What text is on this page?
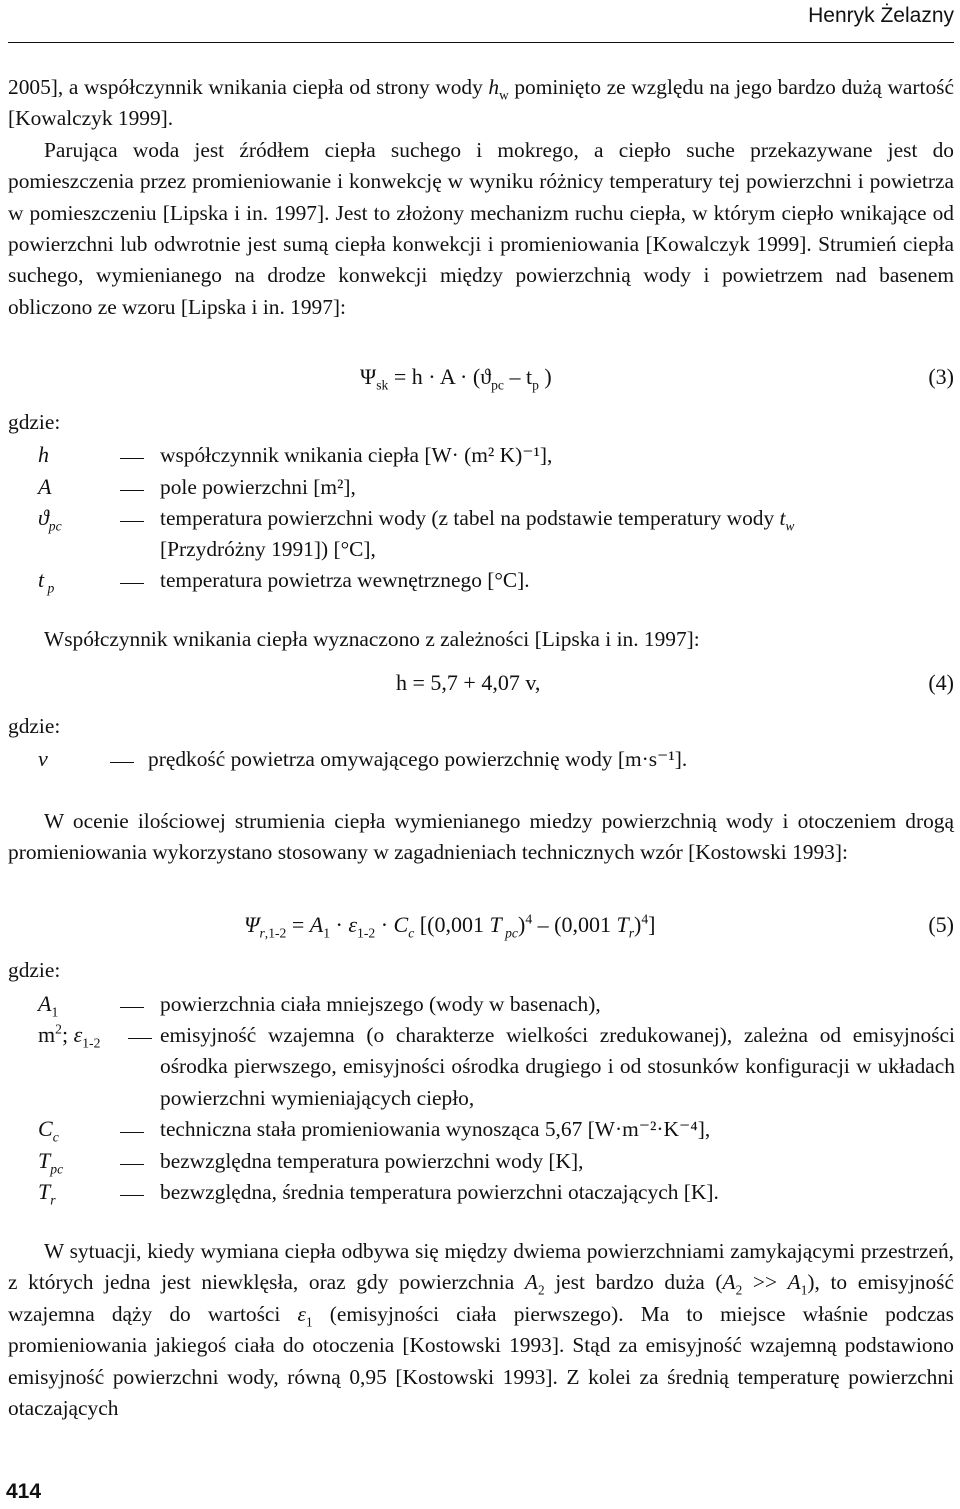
Henryk Żelazny

2005], a współczynnik wnikania ciepła od strony wody $h_w$ pominięto ze względu na jego bardzo dużą wartość [Kowalczyk 1999].

Parująca woda jest źródłem ciepła suchego i mokrego, a ciepło suche przekazywane jest do pomieszczenia przez promieniowanie i konwekcję w wyniku różnicy temperatury tej powierzchni i powietrza w pomieszczeniu [Lipska i in. 1997]. Jest to złożony mechanizm ruchu ciepła, w którym ciepło wnikające od powierzchni lub odwrotnie jest sumą ciepła konwekcji i promieniowania [Kowalczyk 1999]. Strumień ciepła suchego, wymienianego na drodze konwekcji między powierzchnią wody i powietrzem nad basenem obliczono ze wzoru [Lipska i in. 1997]:

$\Psi_{sk} = h \cdot A \cdot (ϑ_{pc} - t_p$ )	(3)
gdzie:
h	współczynnik wnikania ciepła [W· (m² K)⁻¹],
A	pole powierzchni [m²],
$ϑ_{pc}$	temperatura powierzchni wody (z tabel na podstawie temperatury wody $t_w$
[Przydróżny 1991]) [°C],
t $_p$	temperatura powietrza wewnętrznego [°C].
Współczynnik wnikania ciepła wyznaczono z zależności [Lipska i in. 1997]:
h = 5,7 + 4,07 v,	(4)
gdzie:
v	prędkość powietrza omywającego powierzchnię wody [m·s⁻¹].
W ocenie ilościowej strumienia ciepła wymienianego miedzy powierzchnią wody i otoczeniem drogą promieniowania wykorzystano stosowany w zagadnieniach technicznych wzór [Kostowski 1993]:
$\Psi_{r,1-2} = A_1 \cdot \varepsilon_{1-2} \cdot C_c$ [(0,001 T $_{pc}$)$^4$ – (0,001 $T_r)^4$]	(5)
gdzie:
$A_1$	powierzchnia ciała mniejszego (wody w basenach),
$m^2$; $\varepsilon_{1-2}$	emisyjność wzajemna (o charakterze wielkości zredukowanej), zależna od emisyjności ośrodka pierwszego, emisyjności ośrodka drugiego i od stosunków konfiguracji w układach powierzchni wymieniających ciepło,
$C_c$	techniczna stała promieniowania wynosząca 5,67 [W·m⁻²·K⁻⁴],
$T_{pc}$	bezwzględna temperatura powierzchni wody [K],
$T_r$	bezwzględna, średnia temperatura powierzchni otaczających [K].
W sytuacji, kiedy wymiana ciepła odbywa się między dwiema powierzchniami zamykającymi przestrzeń, z których jedna jest niewklęsła, oraz gdy powierzchnia $A_2$ jest bardzo duża $(A_2 >> A_1)$, to emisyjność wzajemna dąży do wartości $\varepsilon_1$ (emisyjności ciała pierwszego). Ma to miejsce właśnie podczas promieniowania jakiegoś ciała do otoczenia [Kostowski 1993]. Stąd za emisyjność wzajemną podstawiono emisyjność powierzchni wody, równą 0,95 [Kostowski 1993]. Z kolei za średnią temperaturę powierzchni otaczających
414
